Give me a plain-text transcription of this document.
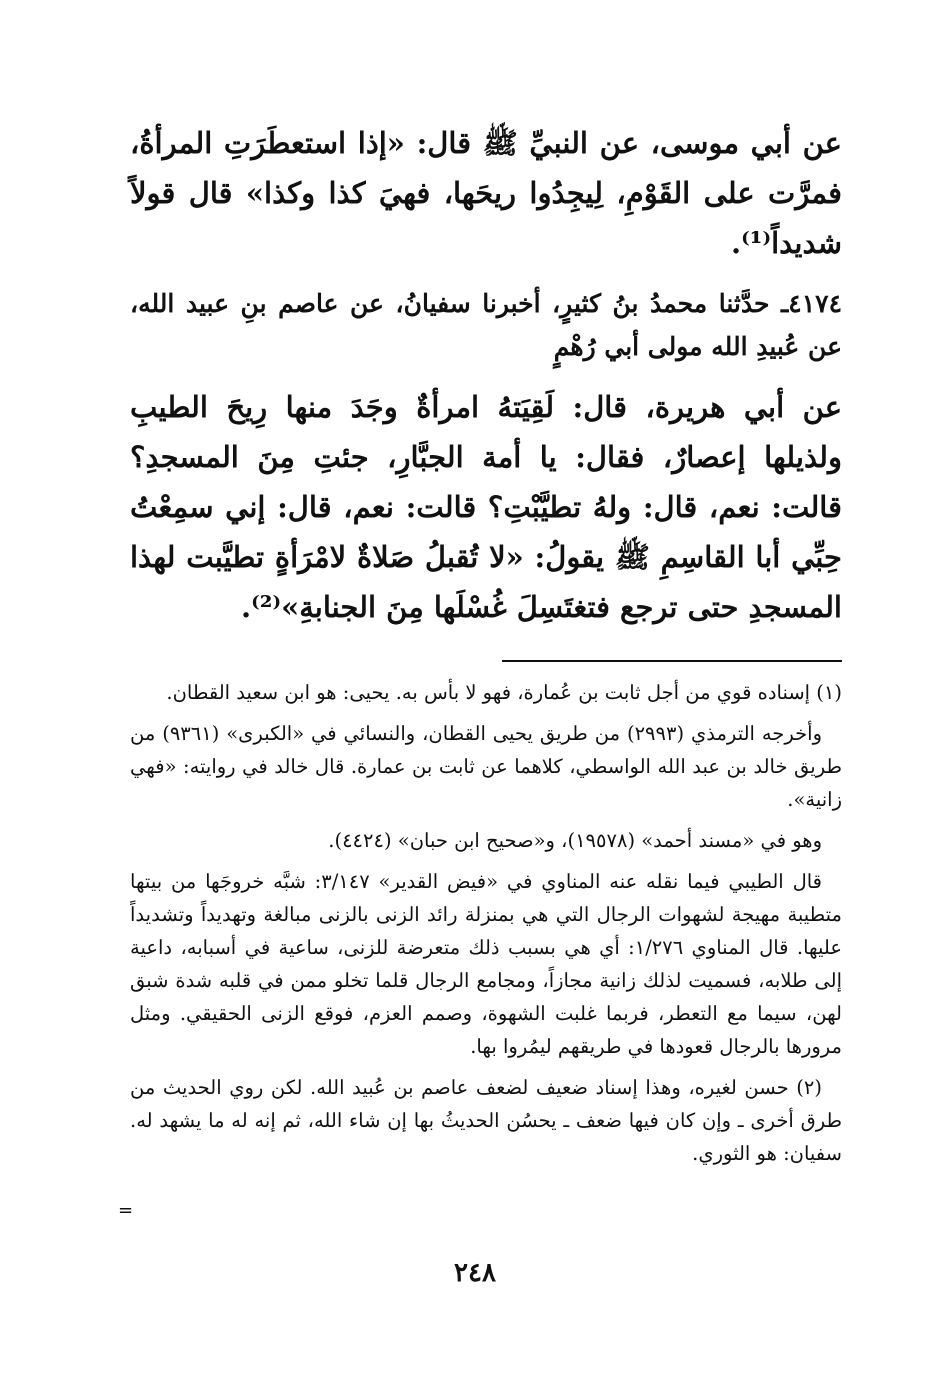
عن أبي موسى، عن النبيِّ ﷺ قال: «إذا استعطَرَتِ المرأةُ، فمرَّت على القَوْمِ، لِيجِدُوا ريحَها، فهيَ كذا وكذا» قال قولاً شديداً⁽¹⁾.

٤١٧٤ـ حدَّثنا محمدُ بنُ كثيرٍ، أخبرنا سفيانُ، عن عاصم بنِ عبيد الله، عن عُبيدِ الله مولى أبي رُهْمٍ

عن أبي هريرة، قال: لَقِيَتهُ امرأةٌ وجَدَ منها رِيحَ الطيبِ ولذيلها إعصارٌ، فقال: يا أمة الجبَّارِ، جئتِ مِنَ المسجدِ؟ قالت: نعم، قال: ولهُ تطيَّبْتِ؟ قالت: نعم، قال: إني سمِعْتُ حِبِّي أبا القاسِمِ ﷺ يقولُ: «لا تُقبلُ صَلاةٌ لامْرَأةٍ تطيَّبت لهذا المسجدِ حتى ترجع فتغتَسِلَ غُسْلَها مِنَ الجنابةِ»⁽²⁾.

(١) إسناده قوي من أجل ثابت بن عُمارة، فهو لا بأس به. يحيى: هو ابن سعيد القطان.

وأخرجه الترمذي (٢٩٩٣) من طريق يحيى القطان، والنسائي في «الكبرى» (٩٣٦١) من طريق خالد بن عبد الله الواسطي، كلاهما عن ثابت بن عمارة. قال خالد في روايته: «فهي زانية».

وهو في «مسند أحمد» (١٩٥٧٨)، و«صحيح ابن حبان» (٤٤٢٤).

قال الطيبي فيما نقله عنه المناوي في «فيض القدير» ٣/١٤٧: شبَّه خروجَها من بيتها متطيبة مهيجة لشهوات الرجال التي هي بمنزلة رائد الزنى بالزنى مبالغة وتهديداً وتشديداً عليها. قال المناوي ١/٢٧٦: أي هي بسبب ذلك متعرضة للزنى، ساعية في أسبابه، داعية إلى طلابه، فسميت لذلك زانية مجازاً، ومجامع الرجال قلما تخلو ممن في قلبه شدة شبق لهن، سيما مع التعطر، فربما غلبت الشهوة، وصمم العزم، فوقع الزنى الحقيقي. ومثل مرورها بالرجال قعودها في طريقهم ليمُروا بها.

(٢) حسن لغيره، وهذا إسناد ضعيف لضعف عاصم بن عُبيد الله. لكن روي الحديث من طرق أخرى ـ وإن كان فيها ضعف ـ يحسُن الحديثُ بها إن شاء الله، ثم إنه له ما يشهد له. سفيان: هو الثوري.

=
٢٤٨
